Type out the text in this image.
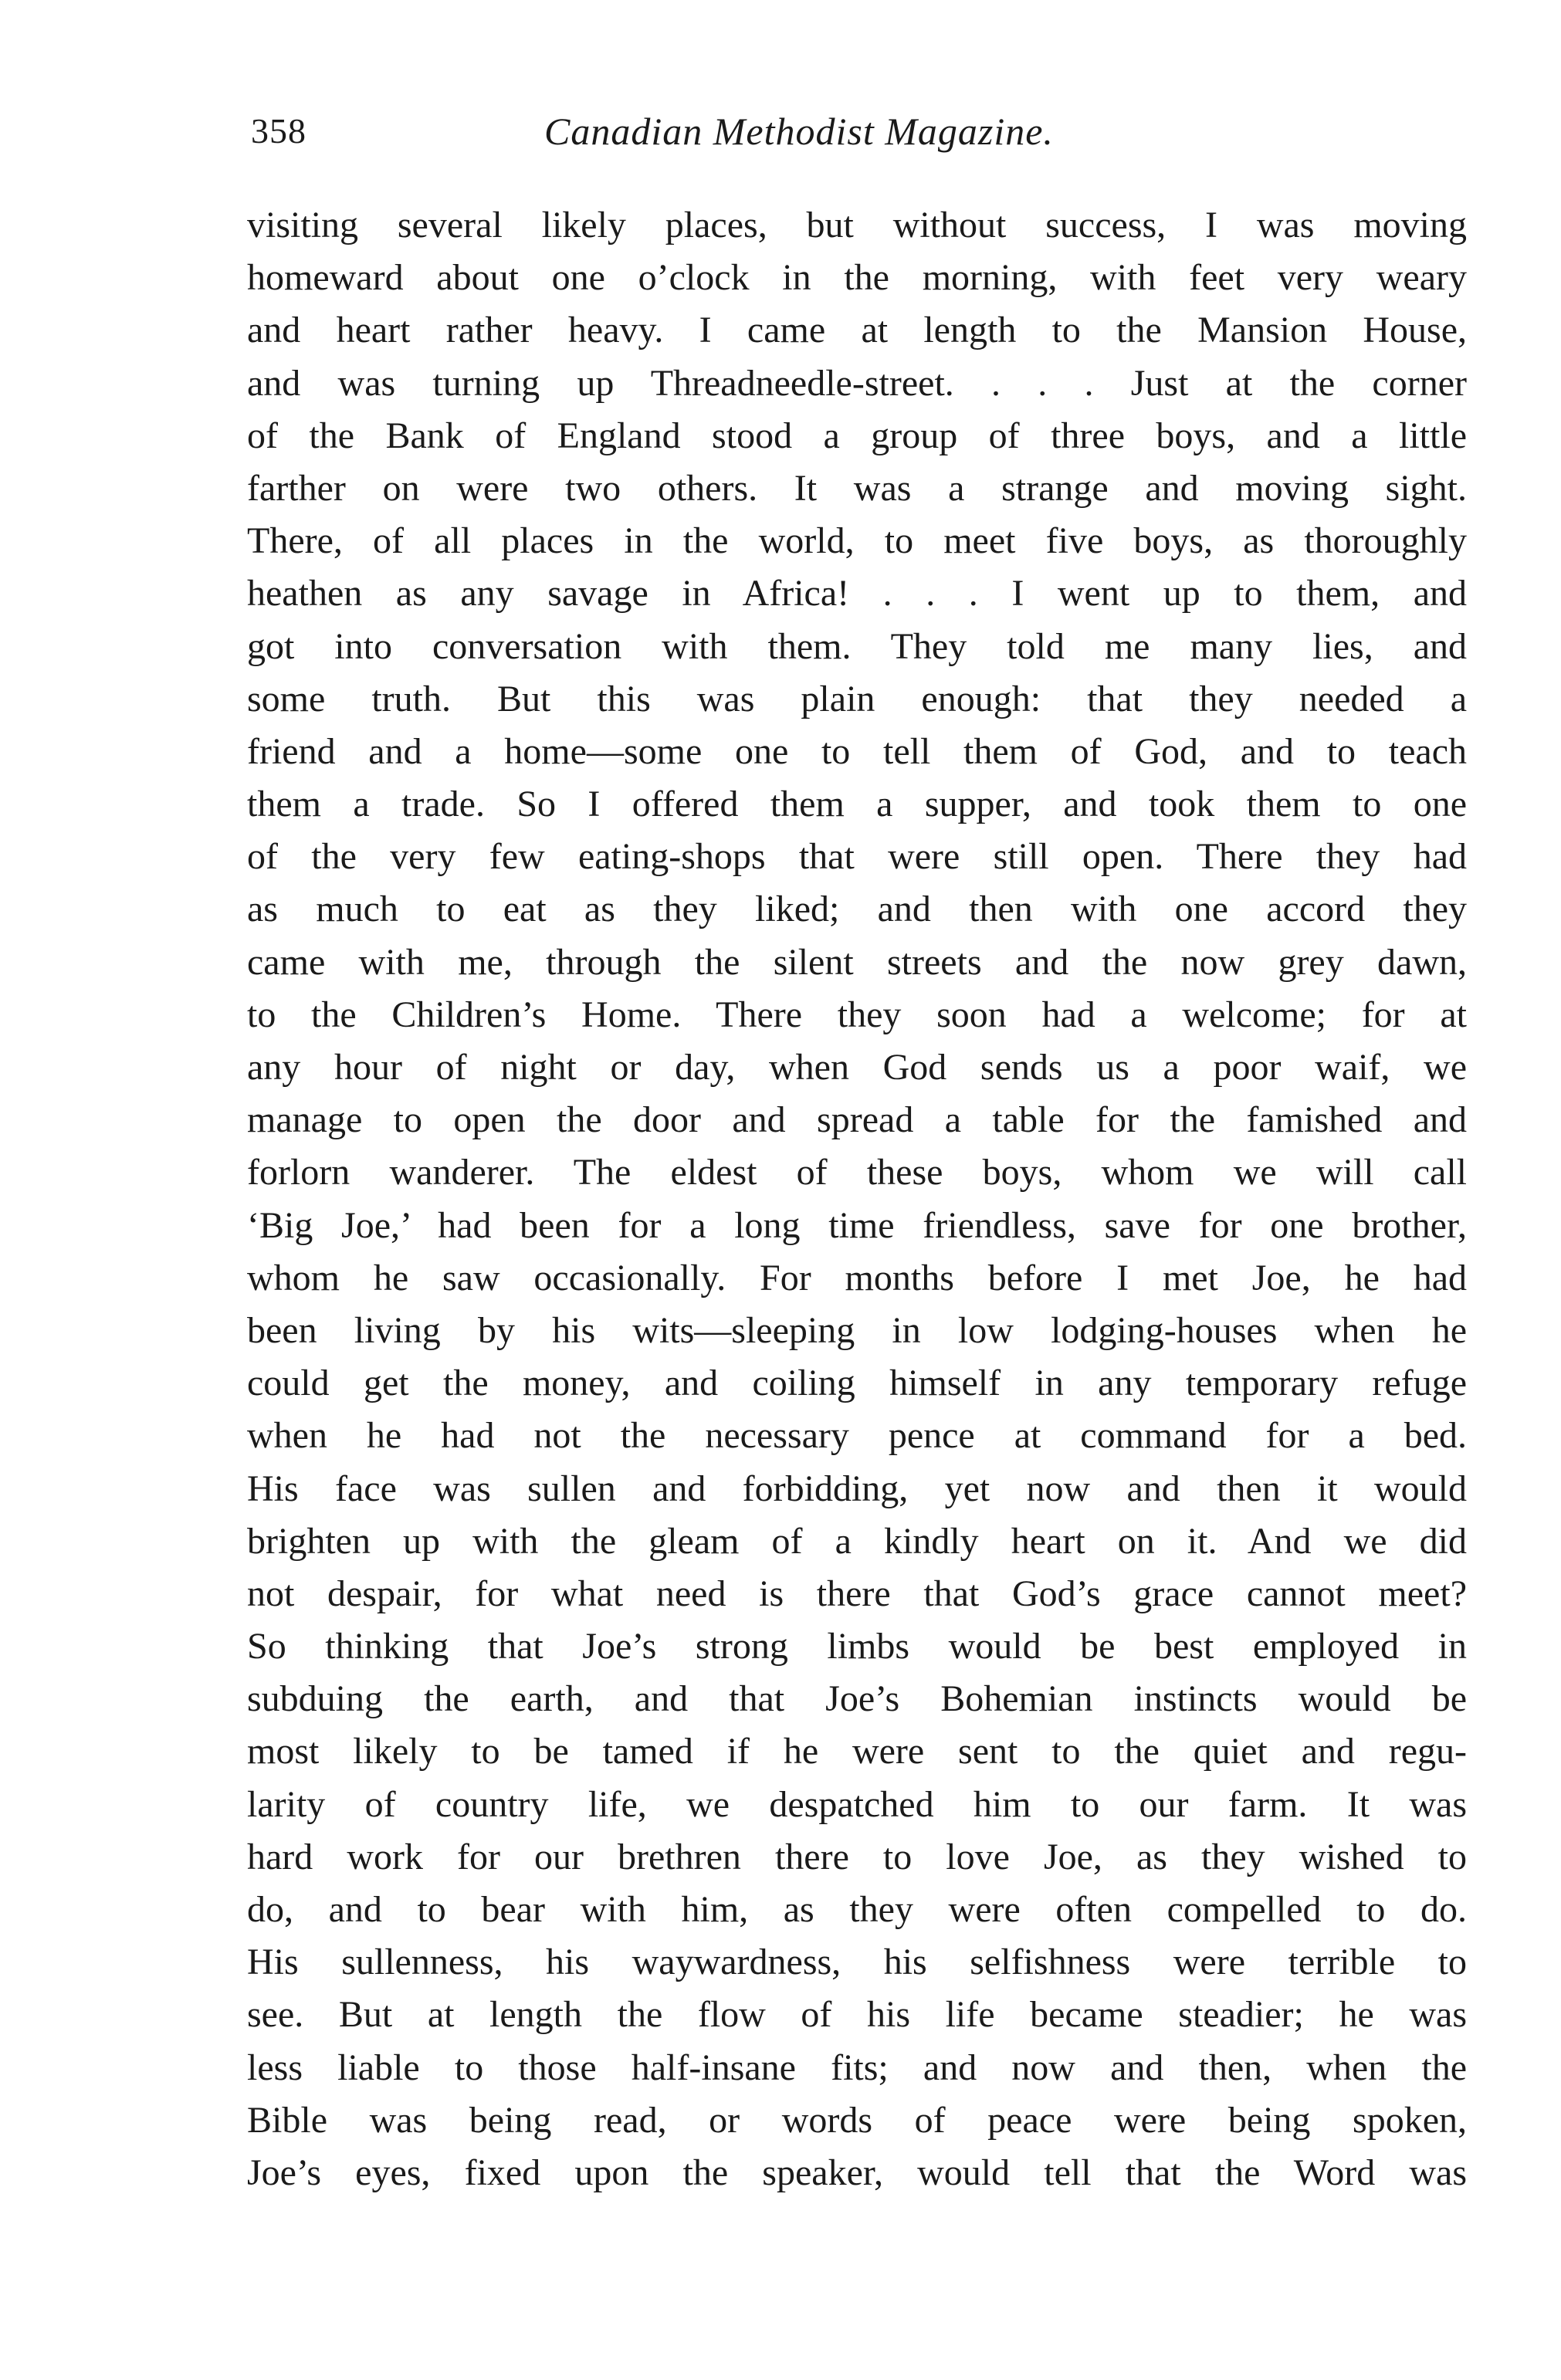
358	Canadian Methodist Magazine.
visiting several likely places, but without success, I was moving
homeward about one o’clock in the morning, with feet very weary
and heart rather heavy. I came at length to the Mansion House,
and was turning up Threadneedle-street. . . . Just at the corner
of the Bank of England stood a group of three boys, and a little
farther on were two others. It was a strange and moving sight.
There, of all places in the world, to meet five boys, as thoroughly
heathen as any savage in Africa! . . . I went up to them, and
got into conversation with them. They told me many lies, and
some truth. But this was plain enough: that they needed a
friend and a home—some one to tell them of God, and to teach
them a trade. So I offered them a supper, and took them to one
of the very few eating-shops that were still open. There they had
as much to eat as they liked; and then with one accord they
came with me, through the silent streets and the now grey dawn,
to the Children’s Home. There they soon had a welcome; for at
any hour of night or day, when God sends us a poor waif, we
manage to open the door and spread a table for the famished and
forlorn wanderer. The eldest of these boys, whom we will call
‘Big Joe,’ had been for a long time friendless, save for one brother,
whom he saw occasionally. For months before I met Joe, he had
been living by his wits—sleeping in low lodging-houses when he
could get the money, and coiling himself in any temporary refuge
when he had not the necessary pence at command for a bed.
His face was sullen and forbidding, yet now and then it would
brighten up with the gleam of a kindly heart on it. And we did
not despair, for what need is there that God’s grace cannot meet?
So thinking that Joe’s strong limbs would be best employed in
subduing the earth, and that Joe’s Bohemian instincts would be
most likely to be tamed if he were sent to the quiet and regu-
larity of country life, we despatched him to our farm. It was
hard work for our brethren there to love Joe, as they wished to
do, and to bear with him, as they were often compelled to do.
His sullenness, his waywardness, his selfishness were terrible to
see. But at length the flow of his life became steadier; he was
less liable to those half-insane fits; and now and then, when the
Bible was being read, or words of peace were being spoken,
Joe’s eyes, fixed upon the speaker, would tell that the Word was
